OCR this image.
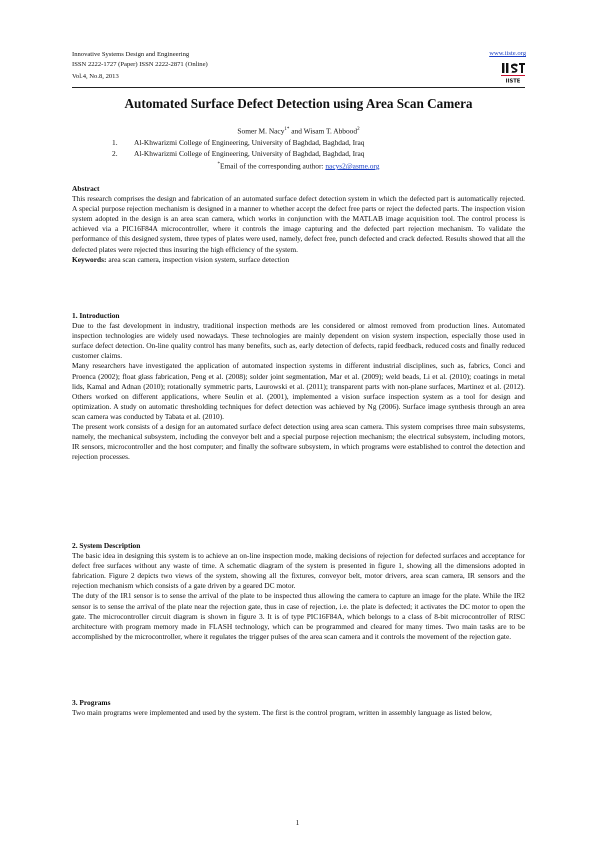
Innovative Systems Design and Engineering
ISSN 2222-1727 (Paper) ISSN 2222-2871 (Online)
Vol.4, No.8, 2013
www.iiste.org
IISTE
Automated Surface Defect Detection using Area Scan Camera
Somer M. Nacy$^{1*}$ and Wisam T. Abbood$^2$
1. Al-Khwarizmi College of Engineering, University of Baghdad, Baghdad, Iraq
2. Al-Khwarizmi College of Engineering, University of Baghdad, Baghdad, Iraq
*Email of the corresponding author: nacys2@asme.org

Abstract

This research comprises the design and fabrication of an automated surface defect detection system in which the defected part is automatically rejected. A special purpose rejection mechanism is designed in a manner to whether accept the defect free parts or reject the defected parts. The inspection vision system adopted in the design is an area scan camera, which works in conjunction with the MATLAB image acquisition tool. The control process is achieved via a PIC16F84A microcontroller, where it controls the image capturing and the defected part rejection mechanism. To validate the performance of this designed system, three types of plates were used, namely, defect free, punch defected and crack defected. Results showed that all the defected plates were rejected thus insuring the high efficiency of the system.

Keywords: area scan camera, inspection vision system, surface detection

1. Introduction

Due to the fast development in industry, traditional inspection methods are les considered or almost removed from production lines. Automated inspection technologies are widely used nowadays. These technologies are mainly dependent on vision system inspection, especially those used in surface defect detection. On-line quality control has many benefits, such as, early detection of defects, rapid feedback, reduced costs and finally reduced customer claims.

Many researchers have investigated the application of automated inspection systems in different industrial disciplines, such as, fabrics, Conci and Proenca (2002); float glass fabrication, Peng et al. (2008); solder joint segmentation, Mar et al. (2009); weld beads, Li et al. (2010); coatings in metal lids, Kamal and Adnan (2010); rotationally symmetric parts, Laurowski et al. (2011); transparent parts with non-plane surfaces, Martinez et al. (2012). Others worked on different applications, where Seulin et al. (2001), implemented a vision surface inspection system as a tool for design and optimization. A study on automatic thresholding techniques for defect detection was achieved by Ng (2006). Surface image synthesis through an area scan camera was conducted by Tabata et al. (2010).

The present work consists of a design for an automated surface defect detection using area scan camera. This system comprises three main subsystems, namely, the mechanical subsystem, including the conveyor belt and a special purpose rejection mechanism; the electrical subsystem, including motors, IR sensors, microcontroller and the host computer; and finally the software subsystem, in which programs were established to control the detection and rejection processes.

2. System Description

The basic idea in designing this system is to achieve an on-line inspection mode, making decisions of rejection for defected surfaces and acceptance for defect free surfaces without any waste of time. A schematic diagram of the system is presented in figure 1, showing all the dimensions adopted in fabrication. Figure 2 depicts two views of the system, showing all the fixtures, conveyor belt, motor drivers, area scan camera, IR sensors and the rejection mechanism which consists of a gate driven by a geared DC motor.

The duty of the IR1 sensor is to sense the arrival of the plate to be inspected thus allowing the camera to capture an image for the plate. While the IR2 sensor is to sense the arrival of the plate near the rejection gate, thus in case of rejection, i.e. the plate is defected; it activates the DC motor to open the gate. The microcontroller circuit diagram is shown in figure 3. It is of type PIC16F84A, which belongs to a class of 8-bit microcontroller of RISC architecture with program memory made in FLASH technology, which can be programmed and cleared for many times. Two main tasks are to be accomplished by the microcontroller, where it regulates the trigger pulses of the area scan camera and it controls the movement of the rejection gate.

3. Programs

Two main programs were implemented and used by the system. The first is the control program, written in assembly language as listed below,

1
